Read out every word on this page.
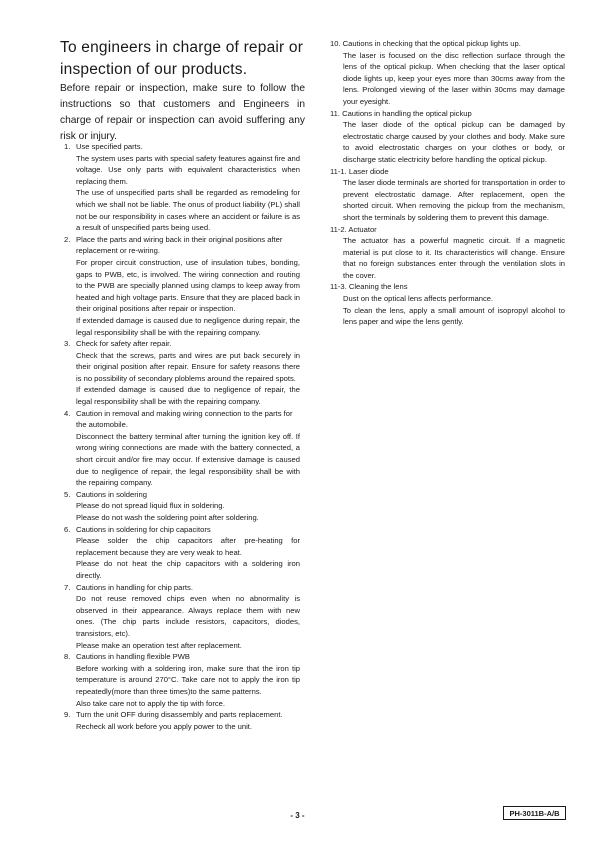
To engineers in charge of repair or inspection of our products.
Before repair or inspection, make sure to follow the instructions so that customers and Engineers in charge of repair or inspection can avoid suffering any risk or injury.
1. Use specified parts.
The system uses parts with special safety features against fire and voltage. Use only parts with equivalent characteristics when replacing them.
The use of unspecified parts shall be regarded as remodeling for which we shall not be liable. The onus of product liability (PL) shall not be our responsibility in cases where an accident or failure is as a result of unspecified parts being used.
2. Place the parts and wiring back in their original positions after replacement or re-wiring.
For proper circuit construction, use of insulation tubes, bonding, gaps to PWB, etc, is involved. The wiring connection and routing to the PWB are specially planned using clamps to keep away from heated and high voltage parts. Ensure that they are placed back in their original positions after repair or inspection.
If extended damage is caused due to negligence during repair, the legal responsibility shall be with the repairing company.
3. Check for safety after repair.
Check that the screws, parts and wires are put back securely in their original position after repair. Ensure for safety reasons there is no possibility of secondary ploblems around the repaired spots.
If extended damage is caused due to negligence of repair, the legal responsibility shall be with the repairing company.
4. Caution in removal and making wiring connection to the parts for the automobile.
Disconnect the battery terminal after turning the ignition key off. If wrong wiring connections are made with the battery connected, a short circuit and/or fire may occur. If extensive damage is caused due to negligence of repair, the legal responsibility shall be with the repairing company.
5. Cautions in soldering
Please do not spread liquid flux in soldering.
Please do not wash the soldering point after soldering.
6. Cautions in soldering for chip capacitors
Please solder the chip capacitors after pre-heating for replacement because they are very weak to heat.
Please do not heat the chip capacitors with a soldering iron directly.
7. Cautions in handling for chip parts.
Do not reuse removed chips even when no abnormality is observed in their appearance. Always replace them with new ones. (The chip parts include resistors, capacitors, diodes, transistors, etc).
Please make an operation test after replacement.
8. Cautions in handling flexible PWB
Before working with a soldering iron, make sure that the iron tip temperature is around 270°C. Take care not to apply the iron tip repeatedly(more than three times)to the same patterns.
Also take care not to apply the tip with force.
9. Turn the unit OFF during disassembly and parts replacement. Recheck all work before you apply power to the unit.
10. Cautions in checking that the optical pickup lights up.
The laser is focused on the disc reflection surface through the lens of the optical pickup. When checking that the laser optical diode lights up, keep your eyes more than 30cms away from the lens. Prolonged viewing of the laser within 30cms may damage your eyesight.
11. Cautions in handling the optical pickup
The laser diode of the optical pickup can be damaged by electrostatic charge caused by your clothes and body. Make sure to avoid electrostatic charges on your clothes or body, or discharge static electricity before handling the optical pickup.
11-1. Laser diode
The laser diode terminals are shorted for transportation in order to prevent electrostatic damage. After replacement, open the shorted circuit. When removing the pickup from the mechanism, short the terminals by soldering them to prevent this damage.
11-2. Actuator
The actuator has a powerful magnetic circuit. If a magnetic material is put close to it. Its characteristics will change. Ensure that no foreign substances enter through the ventilation slots in the cover.
11-3. Cleaning the lens
Dust on the optical lens affects performance.
To clean the lens, apply a small amount of isopropyl alcohol to lens paper and wipe the lens gently.
- 3 -	PH-3011B-A/B
